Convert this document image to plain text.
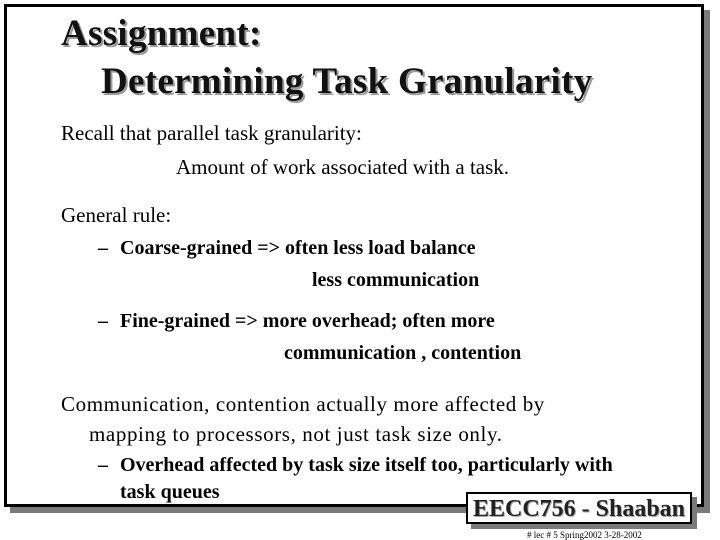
Assignment:
Determining Task Granularity
Recall that parallel task granularity:
Amount of work associated with a task.
General rule:
– Coarse-grained => often less load balance
less communication
– Fine-grained => more overhead; often more
communication , contention
Communication, contention actually more affected by
mapping to processors, not just task size only.
– Overhead affected by task size itself too, particularly with
task queues
EECC756 - Shaaban
# lec # 5 Spring2002 3-28-2002
